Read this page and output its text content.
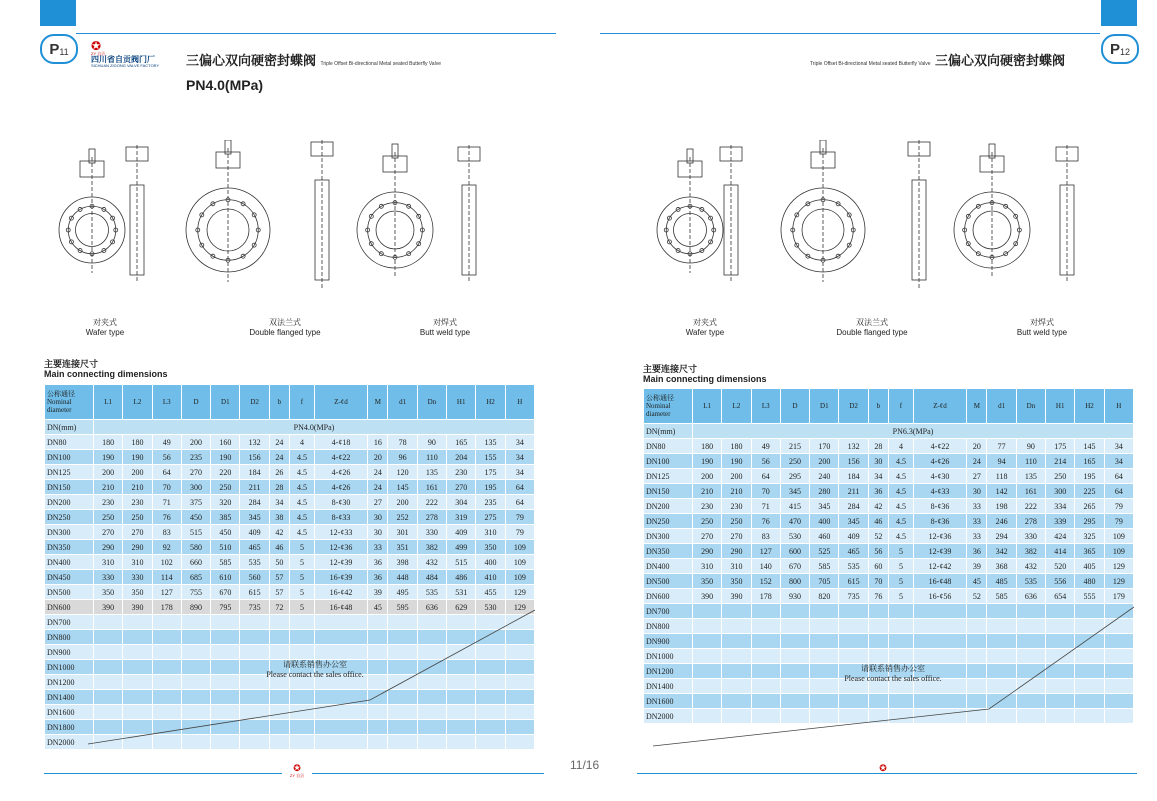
P 11 ✪
ZY 自贡
四川省自贡阀门厂
SICHUAN ZIGONG VALVE FACTORY 三偏心双向硬密封蝶阀 Triple Offset Bi-directional Metal seated Butterfly Valve
PN4.0(MPa)
P 12
Triple Offset Bi-directional Metal seated Butterfly Valve 三偏心双向硬密封蝶阀
对夹式
Wafer type
双法兰式
Double flanged type
对焊式
Butt weld type
对夹式
Wafer type
双法兰式
Double flanged type
对焊式
Butt weld type
主要连接尺寸
Main connecting dimensions	主要连接尺寸
Main connecting dimensions
公称通径
Nominal
diameter	L1	L2	L3	D	D1	D2	b	f	Z-¢d	M	d1	Dn	H1	H2	H
DN(mm)	PN4.0(MPa)														
DN80	180	180	49	200	160	132	24	4	4-¢18	16	78	90	165	135	34
DN100	190	190	56	235	190	156	24	4.5	4-¢22	20	96	110	204	155	34
DN125	200	200	64	270	220	184	26	4.5	4-¢26	24	120	135	230	175	34
DN150	210	210	70	300	250	211	28	4.5	4-¢26	24	145	161	270	195	64
DN200	230	230	71	375	320	284	34	4.5	8-¢30	27	200	222	304	235	64
DN250	250	250	76	450	385	345	38	4.5	8-¢33	30	252	278	319	275	79
DN300	270	270	83	515	450	409	42	4.5	12-¢33	30	301	330	409	310	79
DN350	290	290	92	580	510	465	46	5	12-¢36	33	351	382	499	350	109
DN400	310	310	102	660	585	535	50	5	12-¢39	36	398	432	515	400	109
DN450	330	330	114	685	610	560	57	5	16-¢39	36	448	484	486	410	109
DN500	350	350	127	755	670	615	57	5	16-¢42	39	495	535	531	455	129
DN600	390	390	178	890	795	735	72	5	16-¢48	45	595	636	629	530	129
DN700															
DN800															
DN900															
DN1000															
DN1200															
DN1400															
DN1600															
DN1800															
DN2000															
公称通径
Nominal
diameter	L1	L2	L3	D	D1	D2	b	f	Z-¢d	M	d1	Dn	H1	H2	H
DN(mm)	PN6.3(MPa)														
DN80	180	180	49	215	170	132	28	4	4-¢22	20	77	90	175	145	34
DN100	190	190	56	250	200	156	30	4.5	4-¢26	24	94	110	214	165	34
DN125	200	200	64	295	240	184	34	4.5	4-¢30	27	118	135	250	195	64
DN150	210	210	70	345	280	211	36	4.5	4-¢33	30	142	161	300	225	64
DN200	230	230	71	415	345	284	42	4.5	8-¢36	33	198	222	334	265	79
DN250	250	250	76	470	400	345	46	4.5	8-¢36	33	246	278	339	295	79
DN300	270	270	83	530	460	409	52	4.5	12-¢36	33	294	330	424	325	109
DN350	290	290	127	600	525	465	56	5	12-¢39	36	342	382	414	365	109
DN400	310	310	140	670	585	535	60	5	12-¢42	39	368	432	520	405	129
DN500	350	350	152	800	705	615	70	5	16-¢48	45	485	535	556	480	129
DN600	390	390	178	930	820	735	76	5	16-¢56	52	585	636	654	555	179
DN700															
DN800															
DN900															
DN1000															
DN1200															
DN1400															
DN1600															
DN2000															
请联系销售办公室
Please contact the sales office.
请联系销售办公室
Please contact the sales office.
✪
ZY 自贡
11/16	✪
